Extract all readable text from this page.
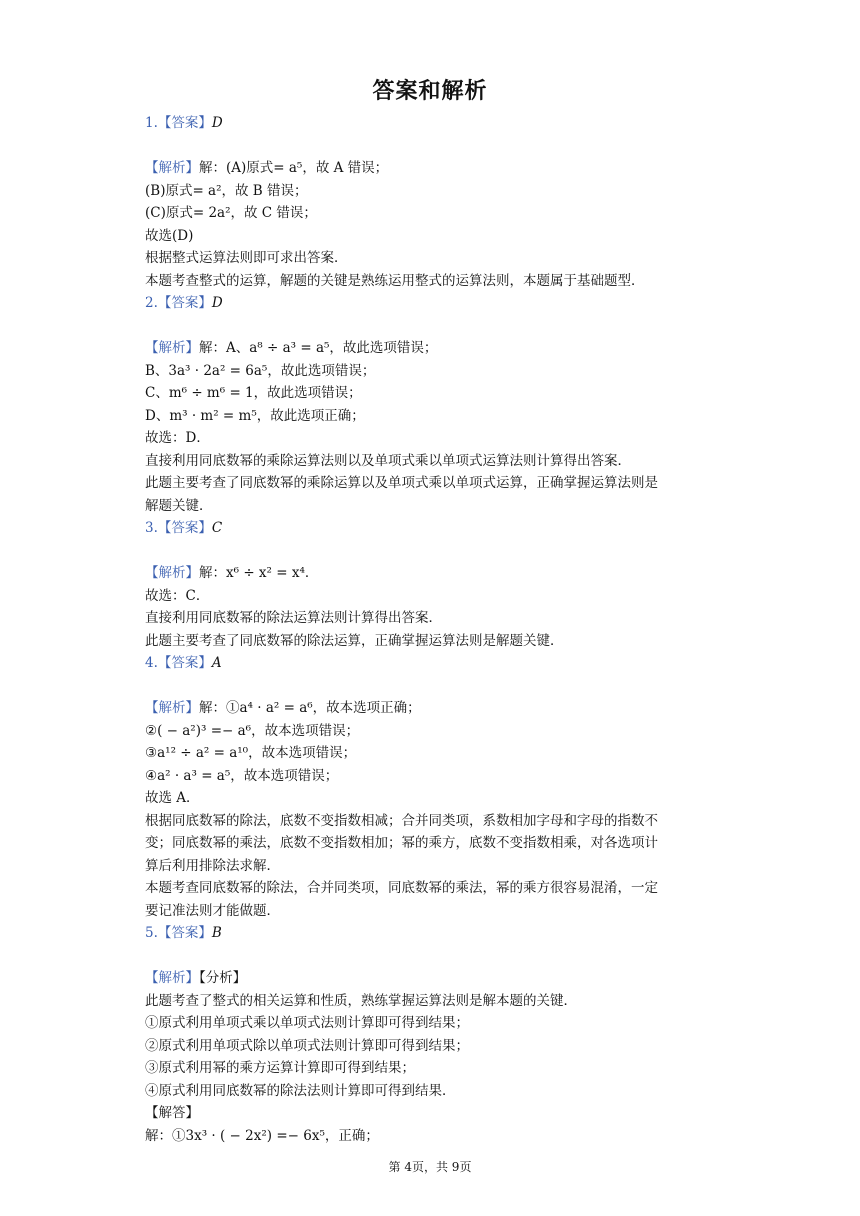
答案和解析
1.【答案】D
【解析】解：(A)原式= a⁵，故 A 错误；
(B)原式= a²，故 B 错误；
(C)原式= 2a²，故 C 错误；
故选(D)
根据整式运算法则即可求出答案．
本题考查整式的运算，解题的关键是熟练运用整式的运算法则，本题属于基础题型．
2.【答案】D
【解析】解：A、a⁸ ÷ a³ = a⁵，故此选项错误；
B、3a³ · 2a² = 6a⁵，故此选项错误；
C、m⁶ ÷ m⁶ = 1，故此选项错误；
D、m³ · m² = m⁵，故此选项正确；
故选：D．
直接利用同底数幂的乘除运算法则以及单项式乘以单项式运算法则计算得出答案．
此题主要考查了同底数幂的乘除运算以及单项式乘以单项式运算，正确掌握运算法则是
解题关键．
3.【答案】C
【解析】解：x⁶ ÷ x² = x⁴．
故选：C．
直接利用同底数幂的除法运算法则计算得出答案．
此题主要考查了同底数幂的除法运算，正确掌握运算法则是解题关键．
4.【答案】A
【解析】解：①a⁴ · a² = a⁶，故本选项正确；
②( − a²)³ =− a⁶，故本选项错误；
③a¹² ÷ a² = a¹⁰，故本选项错误；
④a² · a³ = a⁵，故本选项错误；
故选 A．
根据同底数幂的除法，底数不变指数相减；合并同类项，系数相加字母和字母的指数不
变；同底数幂的乘法，底数不变指数相加；幂的乘方，底数不变指数相乘，对各选项计
算后利用排除法求解．
本题考查同底数幂的除法，合并同类项，同底数幂的乘法，幂的乘方很容易混淆，一定
要记准法则才能做题．
5.【答案】B
【解析】【分析】
此题考查了整式的相关运算和性质，熟练掌握运算法则是解本题的关键．
①原式利用单项式乘以单项式法则计算即可得到结果；
②原式利用单项式除以单项式法则计算即可得到结果；
③原式利用幂的乘方运算计算即可得到结果；
④原式利用同底数幂的除法法则计算即可得到结果．
【解答】
解：①3x³ · ( − 2x²) =− 6x⁵，正确；
第 4页，共 9页
